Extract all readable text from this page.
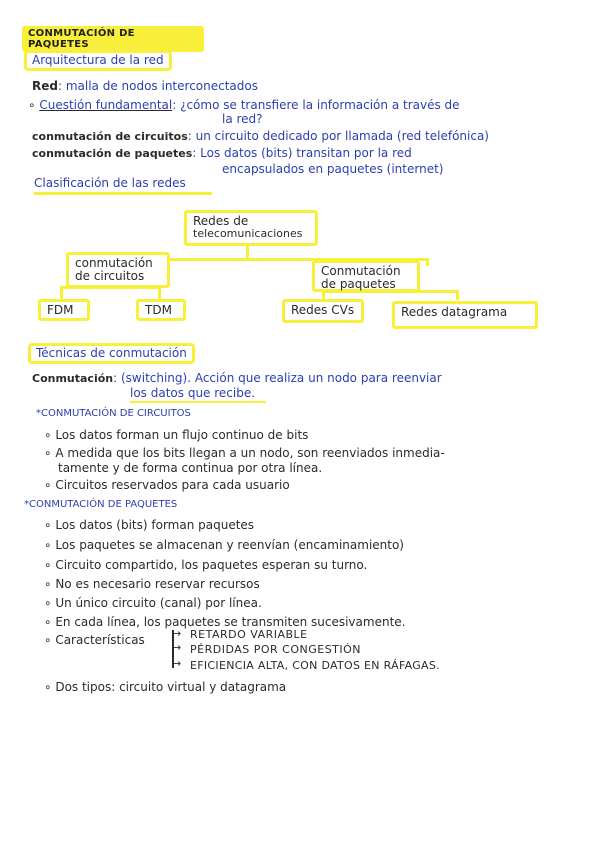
CONMUTACIÓN DE PAQUETES
Arquitectura de la red
Red: malla de nodos interconectados
∘ Cuestión fundamental: ¿cómo se transfiere la información a través de
la red?
conmutación de circuitos: un circuito dedicado por llamada (red telefónica)
conmutación de paquetes: Los datos (bits) transitan por la red
encapsulados en paquetes (internet)
Clasificación de las redes
Redes de
telecomunicaciones
conmutación
de circuitos	Conmutación
de paquetes
FDM	TDM	Redes CVs	Redes datagrama
Técnicas de conmutación
Conmutación: (switching). Acción que realiza un nodo para reenviar
los datos que recibe.
*CONMUTACIÓN DE CIRCUITOS
∘ Los datos forman un flujo continuo de bits
∘ A medida que los bits llegan a un nodo, son reenviados inmedia-
tamente y de forma continua por otra línea.
∘ Circuitos reservados para cada usuario
*CONMUTACIÓN DE PAQUETES
∘ Los datos (bits) forman paquetes
∘ Los paquetes se almacenan y reenvían (encaminamiento)
∘ Circuito compartido, los paquetes esperan su turno.
∘ No es necesario reservar recursos
∘ Un único circuito (canal) por línea.
∘ En cada línea, los paquetes se transmiten sucesivamente.
∘ Características →
→
→
RETARDO VARIABLE
PÉRDIDAS POR CONGESTIÓN
EFICIENCIA ALTA, CON DATOS EN RÁFAGAS.
∘ Dos tipos: circuito virtual y datagrama
